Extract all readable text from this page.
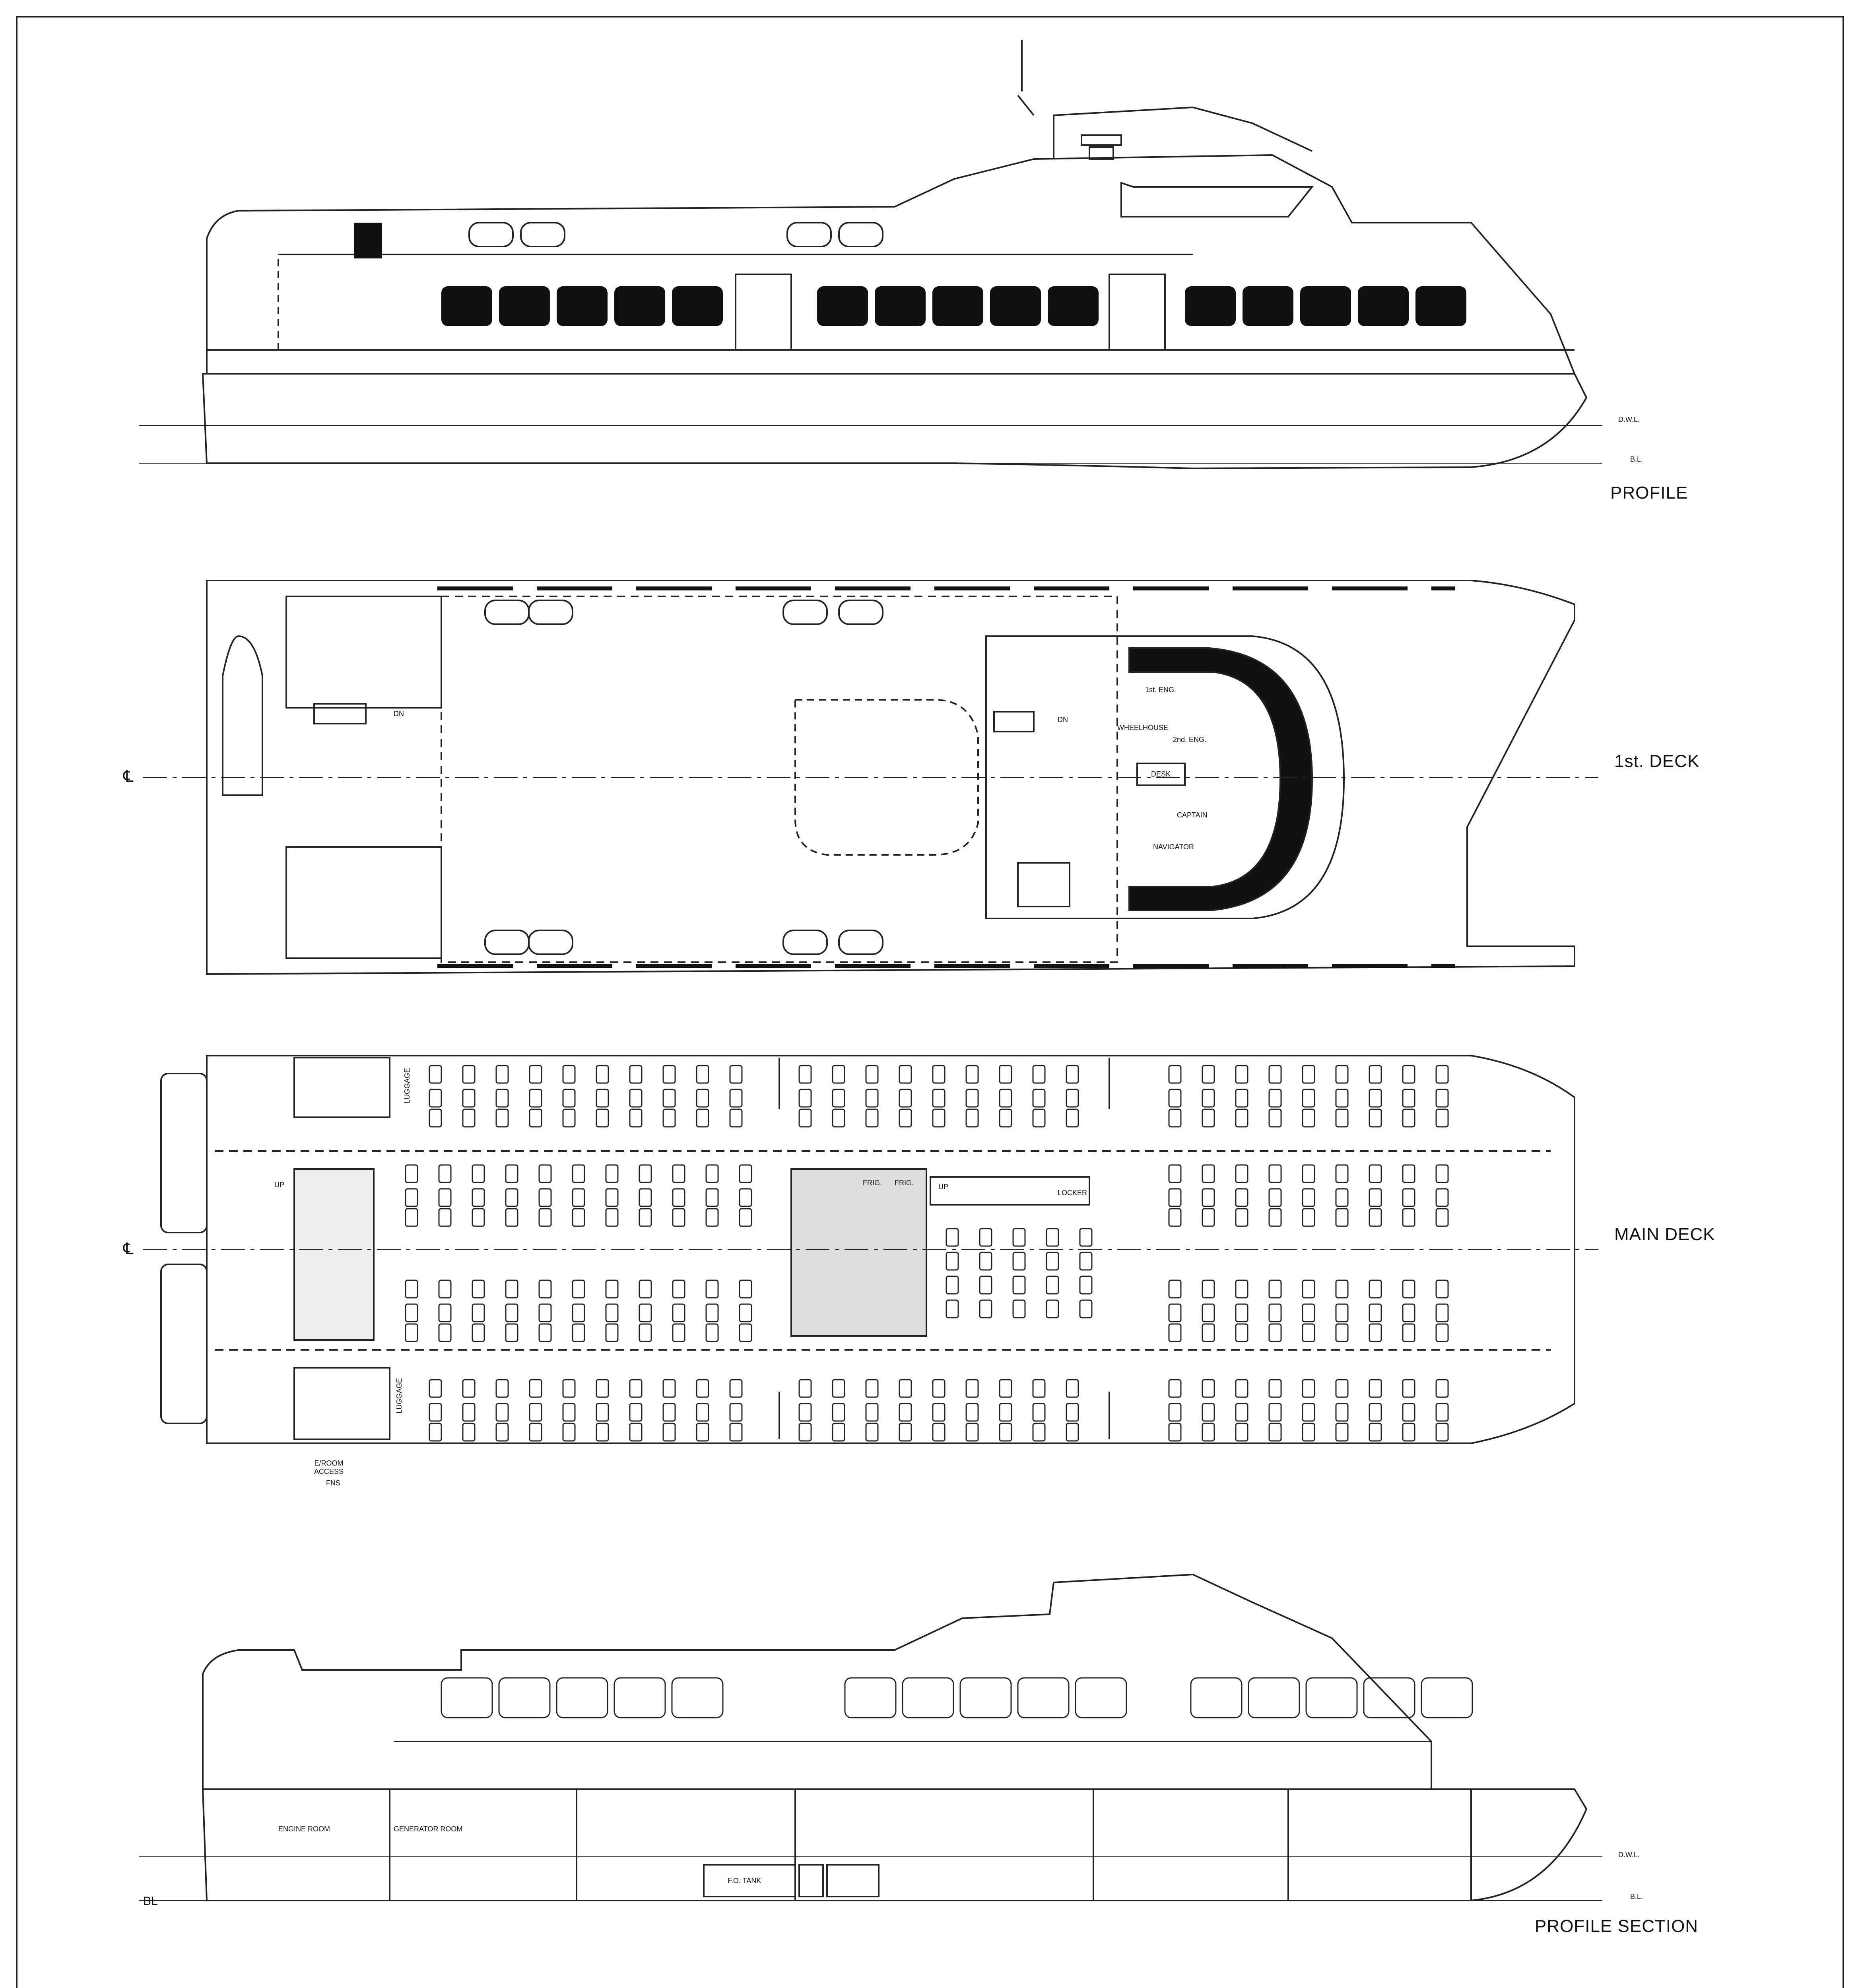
PROFILE
1st. DECK
MAIN DECK
PROFILE SECTION
D.W.L.
B.L.
D.W.L.
B.L.
BL
℄
℄
1st. ENG.
WHEELHOUSE
2nd. ENG.
DESK
CAPTAIN
NAVIGATOR
DN
DN
LUGGAGE
LUGGAGE
FRIG. FRIG.
LOCKER
UP
UP
E/ROOM
ACCESS
FNS
ENGINE ROOM	GENERATOR ROOM
F.O. TANK
